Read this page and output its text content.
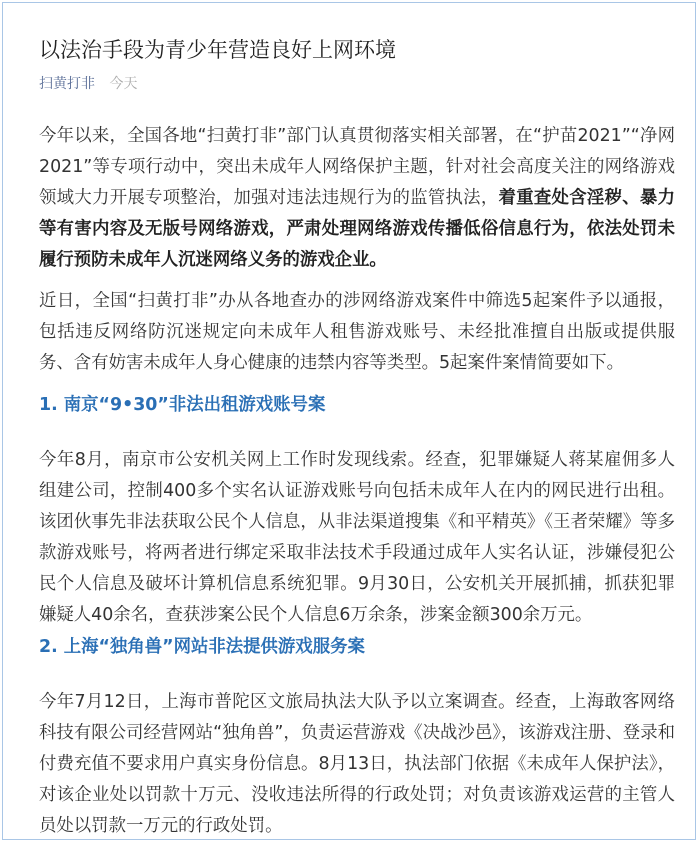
以法治手段为青少年营造良好上网环境
扫黄打非 今天

今年以来，全国各地“扫黄打非”部门认真贯彻落实相关部署，在“护苗2021”“净网2021”等专项行动中，突出未成年人网络保护主题，针对社会高度关注的网络游戏领域大力开展专项整治，加强对违法违规行为的监管执法，着重查处含淫秽、暴力等有害内容及无版号网络游戏，严肃处理网络游戏传播低俗信息行为，依法处罚未履行预防未成年人沉迷网络义务的游戏企业。

近日，全国“扫黄打非”办从各地查办的涉网络游戏案件中筛选5起案件予以通报，包括违反网络防沉迷规定向未成年人租售游戏账号、未经批准擅自出版或提供服务、含有妨害未成年人身心健康的违禁内容等类型。5起案件案情简要如下。

1. 南京“9•30”非法出租游戏账号案

今年8月，南京市公安机关网上工作时发现线索。经查，犯罪嫌疑人蒋某雇佣多人组建公司，控制400多个实名认证游戏账号向包括未成年人在内的网民进行出租。该团伙事先非法获取公民个人信息，从非法渠道搜集《和平精英》《王者荣耀》等多款游戏账号，将两者进行绑定采取非法技术手段通过成年人实名认证，涉嫌侵犯公民个人信息及破坏计算机信息系统犯罪。9月30日，公安机关开展抓捕，抓获犯罪嫌疑人40余名，查获涉案公民个人信息6万余条，涉案金额300余万元。

2. 上海“独角兽”网站非法提供游戏服务案

今年7月12日，上海市普陀区文旅局执法大队予以立案调查。经查，上海敢客网络科技有限公司经营网站“独角兽”，负责运营游戏《决战沙邑》，该游戏注册、登录和付费充值不要求用户真实身份信息。8月13日，执法部门依据《未成年人保护法》，对该企业处以罚款十万元、没收违法所得的行政处罚；对负责该游戏运营的主管人员处以罚款一万元的行政处罚。
